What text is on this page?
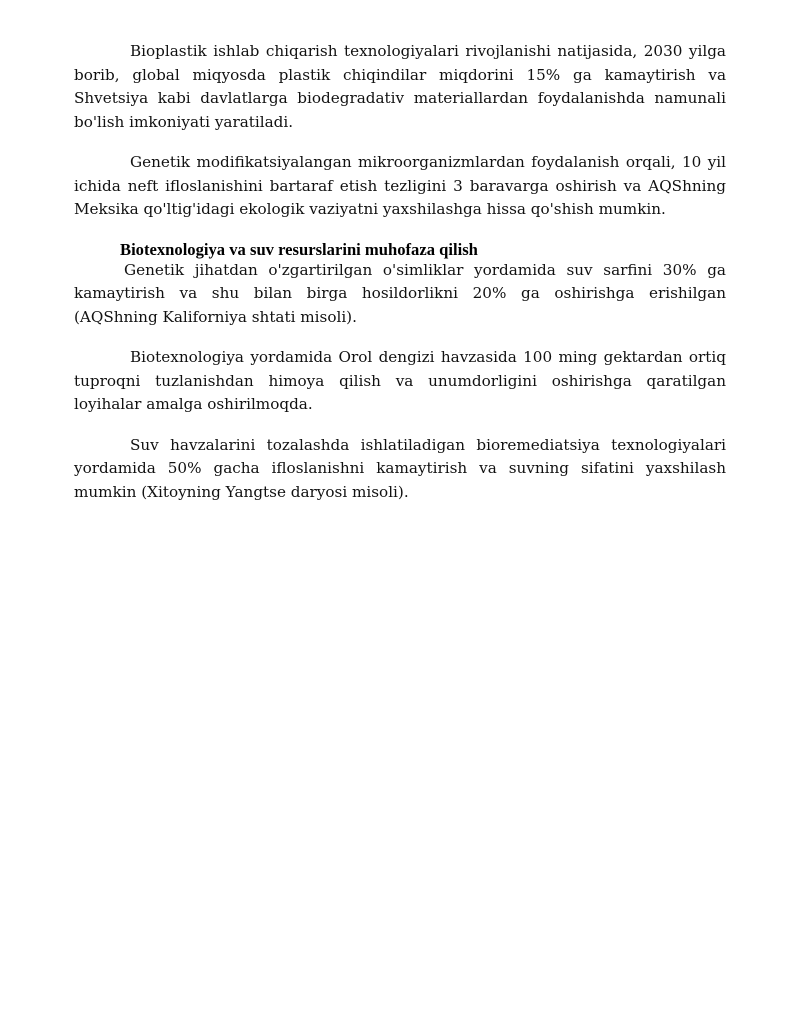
Bioplastik ishlab chiqarish texnologiyalari rivojlanishi natijasida, 2030 yilga borib, global miqyosda plastik chiqindilar miqdorini 15% ga kamaytirish va Shvetsiya kabi davlatlarga biodegradativ materiallardan foydalanishda namunali bo'lish imkoniyati yaratiladi.

Genetik modifikatsiyalangan mikroorganizmlardan foydalanish orqali, 10 yil ichida neft ifloslanishini bartaraf etish tezligini 3 baravarga oshirish va AQShning Meksika qo'ltig'idagi ekologik vaziyatni yaxshilashga hissa qo'shish mumkin.

Biotexnologiya va suv resurslarini muhofaza qilish

Genetik jihatdan o'zgartirilgan o'simliklar yordamida suv sarfini 30% ga kamaytirish va shu bilan birga hosildorlikni 20% ga oshirishga erishilgan (AQShning Kaliforniya shtati misoli).

Biotexnologiya yordamida Orol dengizi havzasida 100 ming gektardan ortiq tuproqni tuzlanishdan himoya qilish va unumdorligini oshirishga qaratilgan loyihalar amalga oshirilmoqda.

Suv havzalarini tozalashda ishlatiladigan bioremediatsiya texnologiyalari yordamida 50% gacha ifloslanishni kamaytirish va suvning sifatini yaxshilash mumkin (Xitoyning Yangtse daryosi misoli).
